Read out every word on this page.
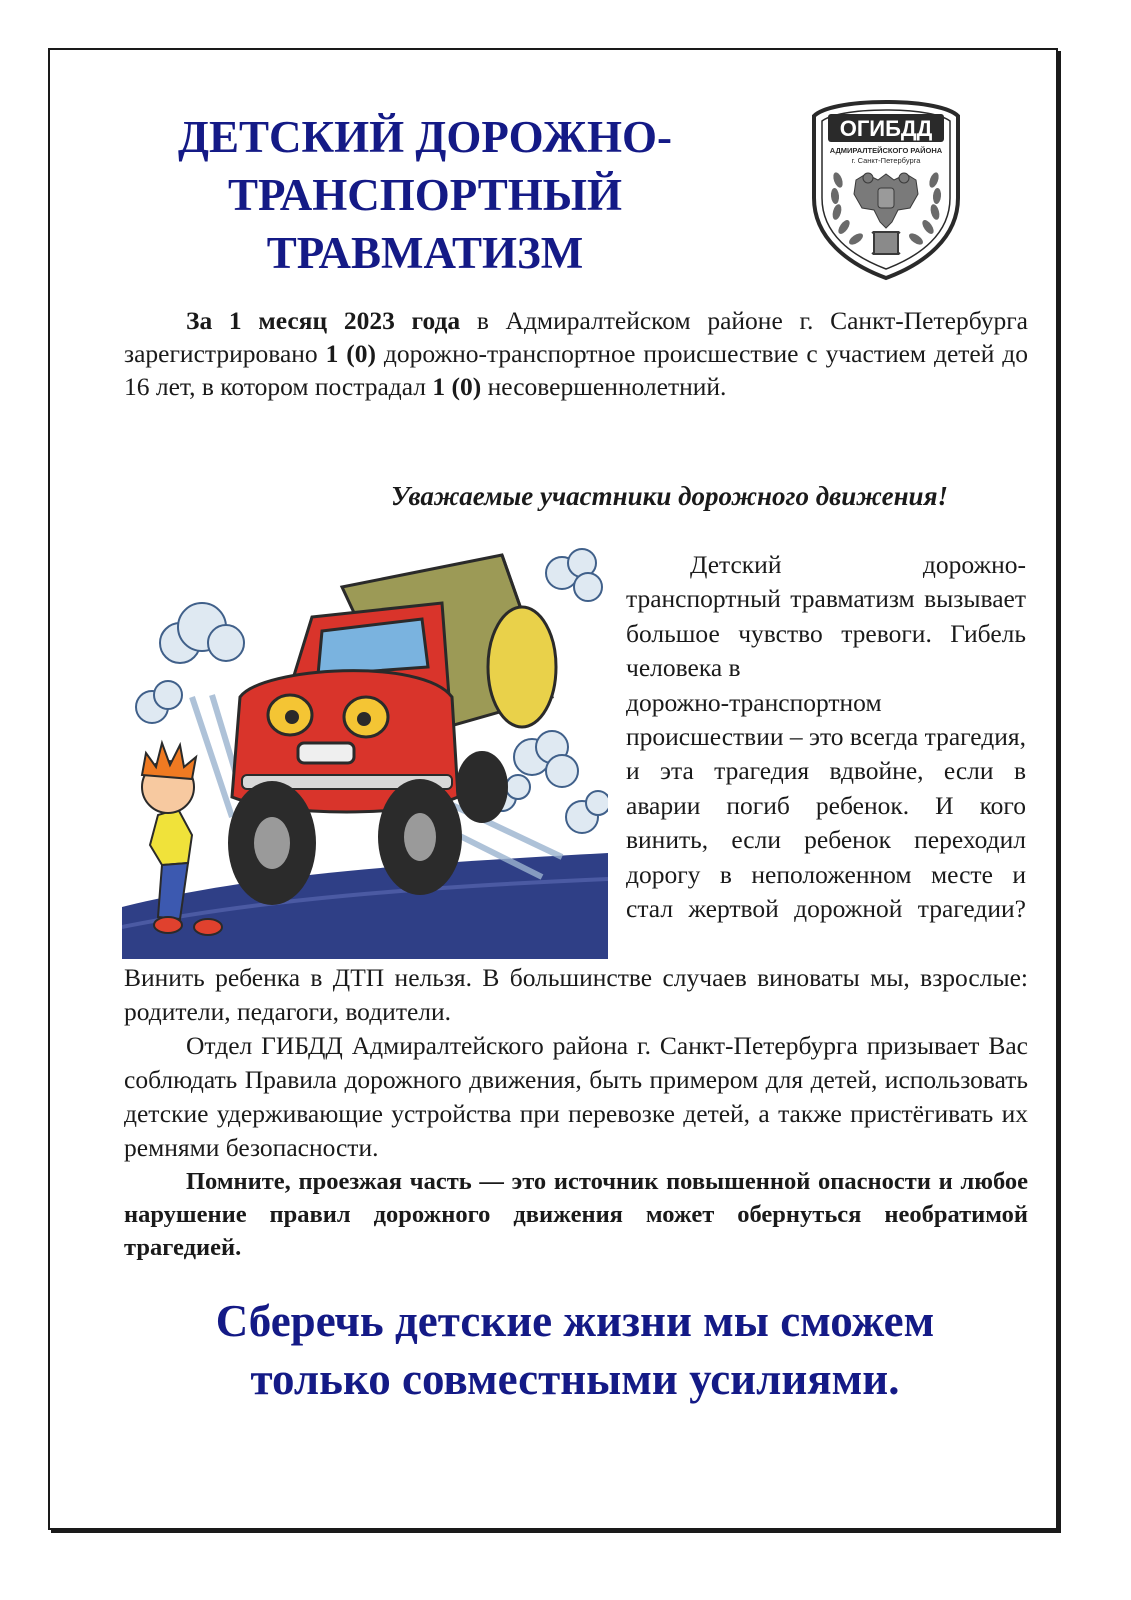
ДЕТСКИЙ ДОРОЖНО-
ТРАНСПОРТНЫЙ
ТРАВМАТИЗМ
ОГИБДД
АДМИРАЛТЕЙСКОГО РАЙОНА
г. Санкт-Петербурга

За 1 месяц 2023 года в Адмиралтейском районе г. Санкт-Петербурга зарегистрировано 1 (0) дорожно-транспортное происшествие с участием детей до 16 лет, в котором пострадал 1 (0) несовершеннолетний.

Уважаемые участники дорожного движения!

Детский дорожно-транспортный травматизм вызывает большое чувство тревоги. Гибель человека в
дорожно-транспортном
происшествии – это всегда трагедия, и эта трагедия вдвойне, если в аварии погиб ребенок. И кого винить, если ребенок переходил дорогу в неположенном месте и стал жертвой дорожной трагедии?

Винить ребенка в ДТП нельзя. В большинстве случаев виноваты мы, взрослые: родители, педагоги, водители.

Отдел ГИБДД Адмиралтейского района г. Санкт-Петербурга призывает Вас соблюдать Правила дорожного движения, быть примером для детей, использовать детские удерживающие устройства при перевозке детей, а также пристёгивать их ремнями безопасности.

Помните, проезжая часть — это источник повышенной опасности и любое нарушение правил дорожного движения может обернуться необратимой трагедией.

Сберечь детские жизни мы сможем
только совместными усилиями.
